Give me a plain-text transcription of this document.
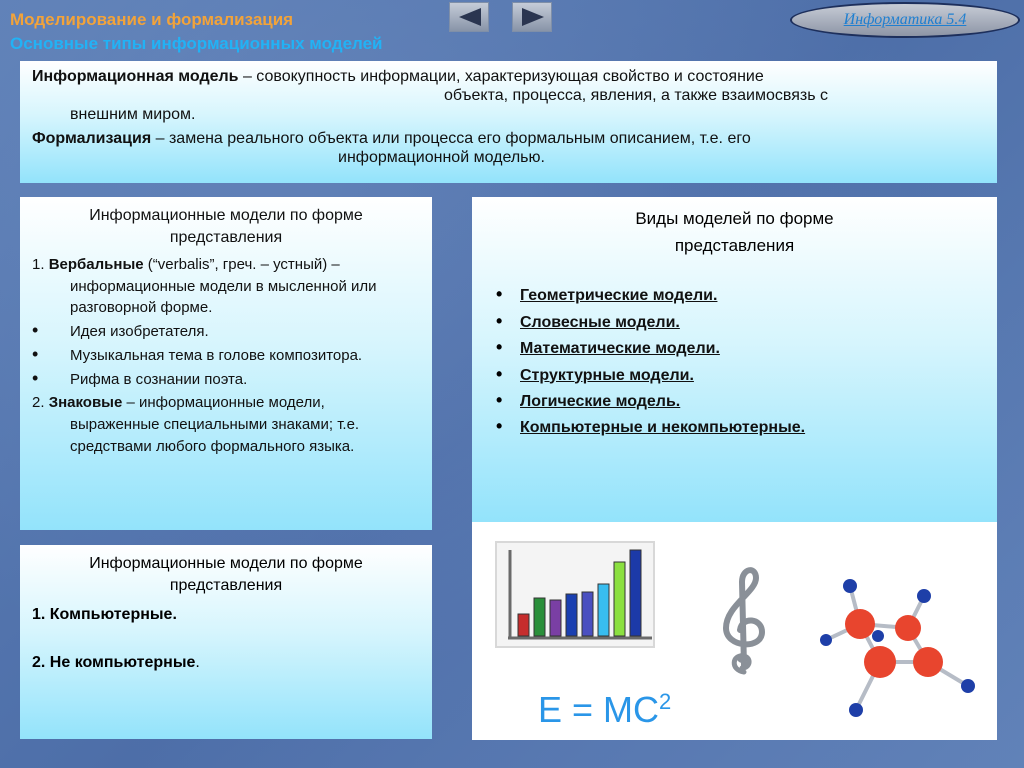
Моделирование и формализация
Основные типы информационных моделей
Информатика 5.4

Информационная модель – совокупность информации, характеризующая свойство и состояние
объекта, процесса, явления, а также взаимосвязь с
внешним миром.

Формализация – замена реального объекта или процесса его формальным описанием, т.е. его
информационной моделью.

Информационные модели по форме представления
1. Вербальные (“verbalis”, греч. – устный) –
информационные модели в мысленной или разговорной форме.
•	Идея изобретателя.
•	Музыкальная тема в голове композитора.
•	Рифма в сознании поэта.
2. Знаковые – информационные модели,
выраженные специальными знаками; т.е. средствами любого формального языка.
Виды моделей по форме
представления
•	Геометрические модели.
•	Словесные модели.
•	Математические модели.
•	Структурные модели.
•	Логические модель.
•	Компьютерные и некомпьютерные.
Информационные модели по форме представления
1. Компьютерные.
2. Не компьютерные.
$E = MC^2$
